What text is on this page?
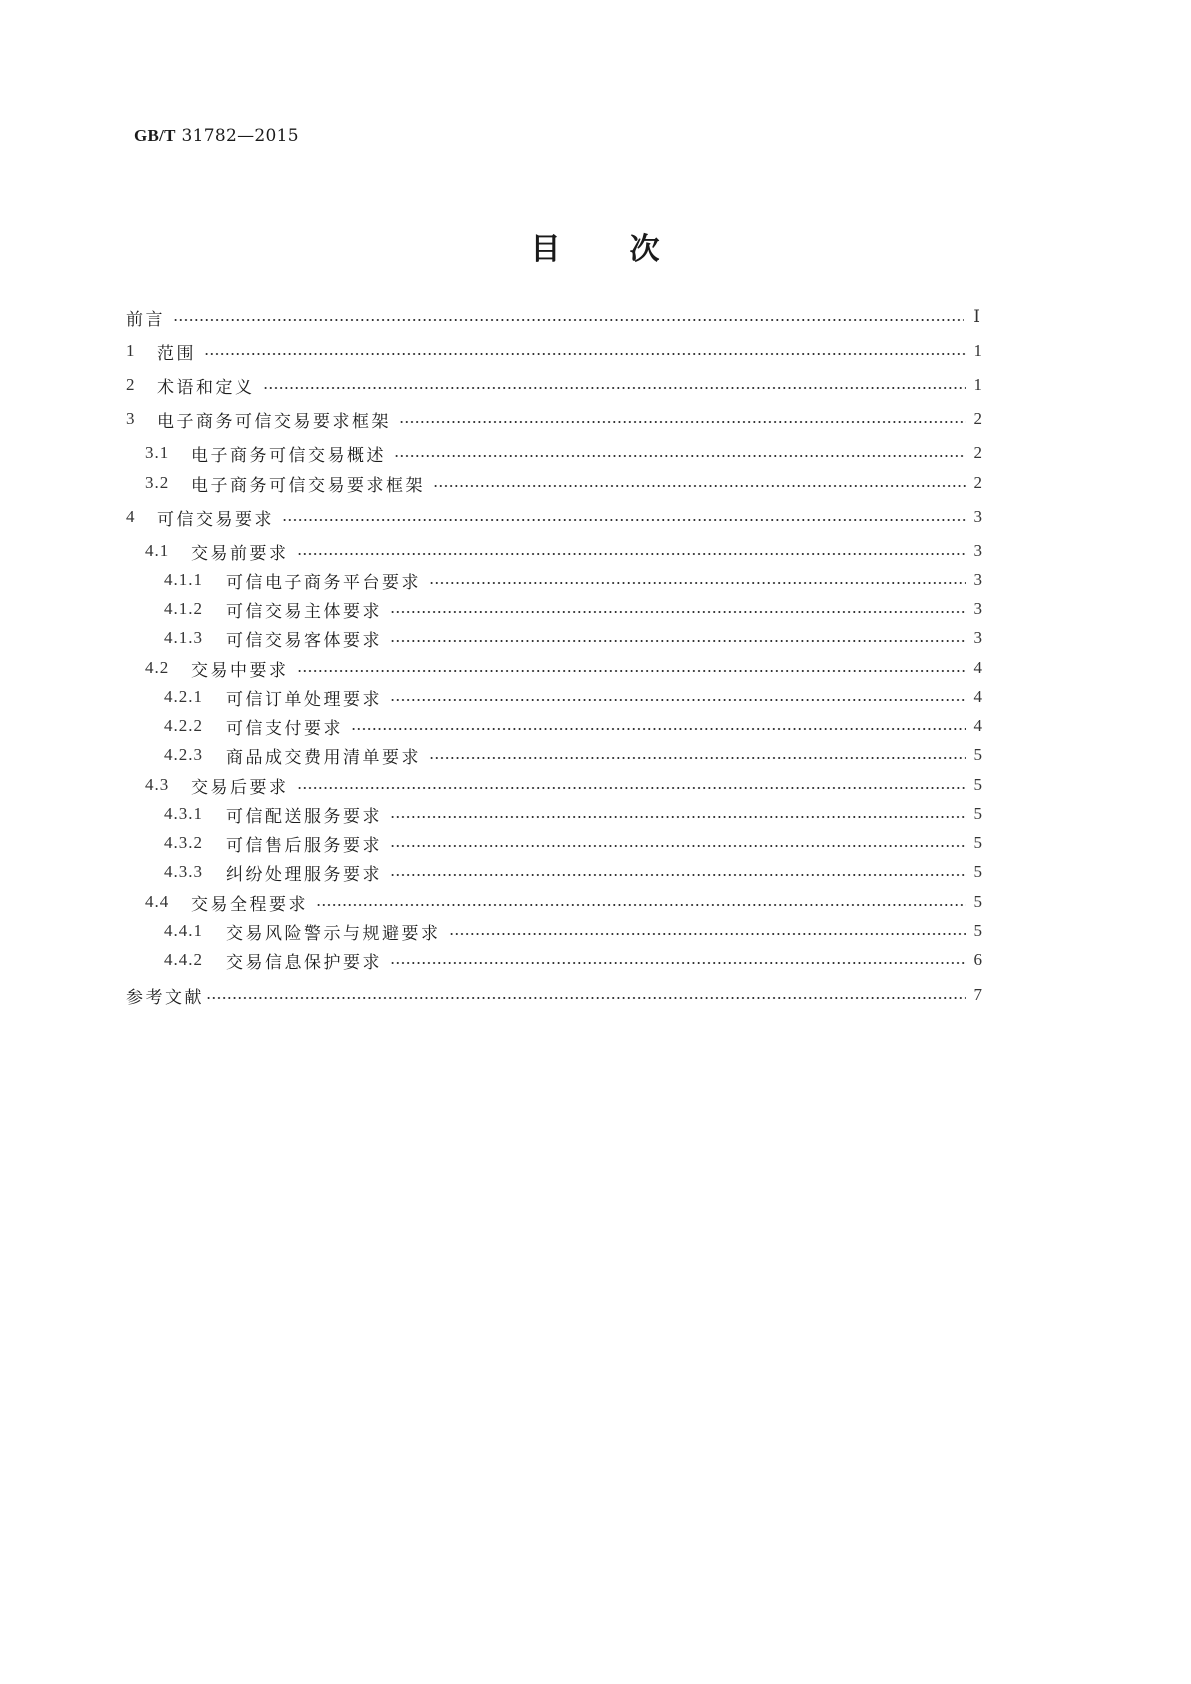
GB/T 31782—2015
目 次
前言	Ⅰ
1	范围	1
2	术语和定义	1
3	电子商务可信交易要求框架	2
3.1	电子商务可信交易概述	2
3.2	电子商务可信交易要求框架	2
4	可信交易要求	3
4.1	交易前要求	3
4.1.1	可信电子商务平台要求	3
4.1.2	可信交易主体要求	3
4.1.3	可信交易客体要求	3
4.2	交易中要求	4
4.2.1	可信订单处理要求	4
4.2.2	可信支付要求	4
4.2.3	商品成交费用清单要求	5
4.3	交易后要求	5
4.3.1	可信配送服务要求	5
4.3.2	可信售后服务要求	5
4.3.3	纠纷处理服务要求	5
4.4	交易全程要求	5
4.4.1	交易风险警示与规避要求	5
4.4.2	交易信息保护要求	6
参考文献	7
